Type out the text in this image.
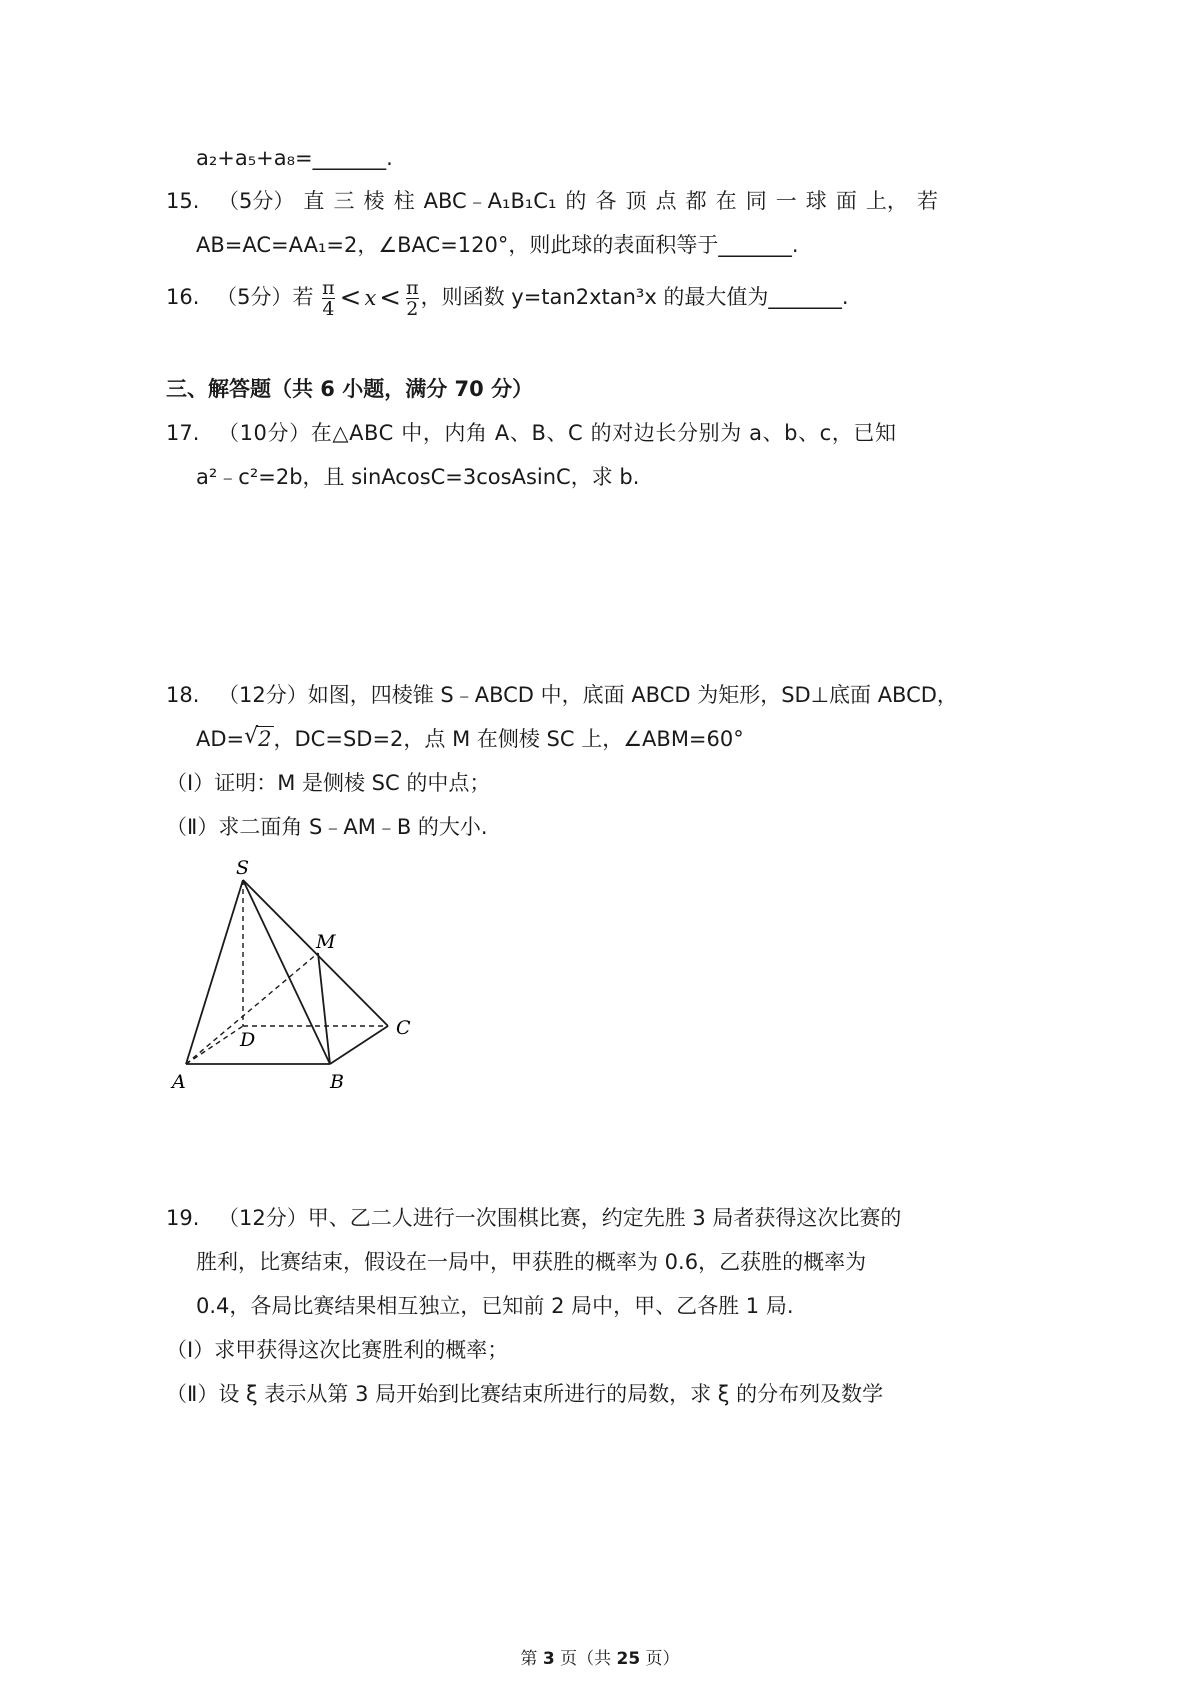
a₂+a₅+a₈=_______.
15. （5分） 直 三 棱 柱 ABC﹣A₁B₁C₁ 的 各 顶 点 都 在 同 一 球 面 上， 若
AB=AC=AA₁=2，∠BAC=120°，则此球的表面积等于_______.
16. （5分）若 $\frac{\pi}{4} < x < \frac{\pi}{2}$ ，则函数 y=tan2xtan³x 的最大值为_______.
三、解答题（共 6 小题，满分 70 分）
17. （10分）在△ABC 中，内角 A、B、C 的对边长分别为 a、b、c，已知
a²﹣c²=2b，且 sinAcosC=3cosAsinC，求 b.
18. （12分）如图，四棱锥 S﹣ABCD 中，底面 ABCD 为矩形，SD⊥底面 ABCD，
AD= √ 2，DC=SD=2，点 M 在侧棱 SC 上，∠ABM=60°
（I）证明：M 是侧棱 SC 的中点；
（Ⅱ）求二面角 S﹣AM﹣B 的大小.
S
M
C
D
A	B
19. （12分）甲、乙二人进行一次围棋比赛，约定先胜 3 局者获得这次比赛的
胜利，比赛结束，假设在一局中，甲获胜的概率为 0.6，乙获胜的概率为
0.4，各局比赛结果相互独立，已知前 2 局中，甲、乙各胜 1 局.
（I）求甲获得这次比赛胜利的概率；
（Ⅱ）设 ξ 表示从第 3 局开始到比赛结束所进行的局数，求 ξ 的分布列及数学
第 3 页（共 25 页）
